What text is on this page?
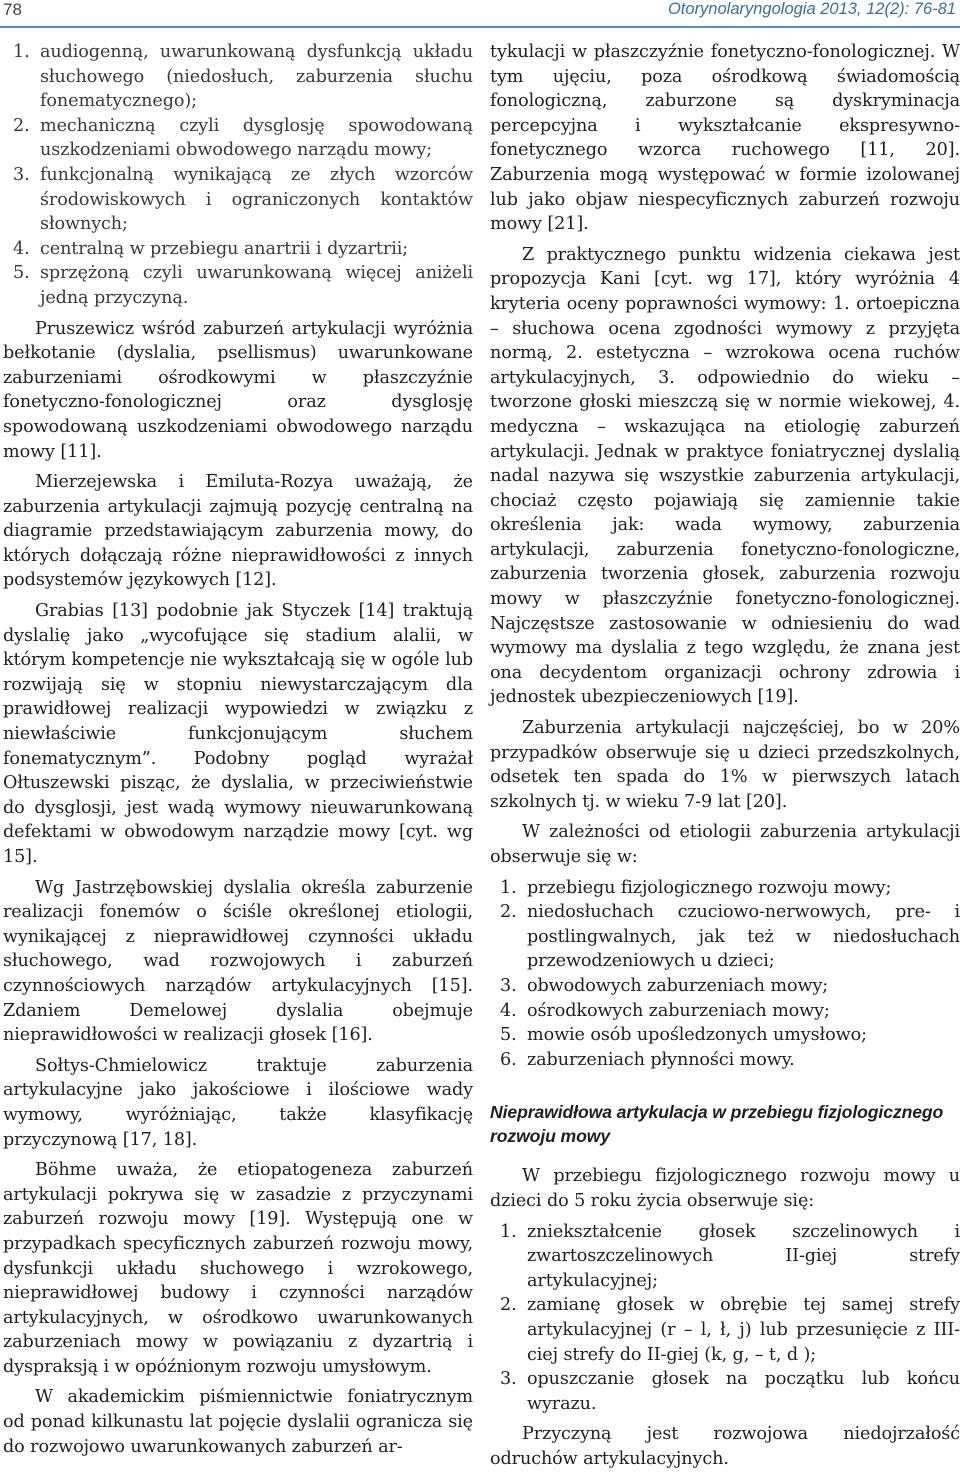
78	Otorynolaryngologia 2013, 12(2): 76-81
1. audiogenną, uwarunkowaną dysfunkcją układu słuchowego (niedosłuch, zaburzenia słuchu fonematycznego);
2. mechaniczną czyli dysglosję spowodowaną uszkodzeniami obwodowego narządu mowy;
3. funkcjonalną wynikającą ze złych wzorców środowiskowych i ograniczonych kontaktów słownych;
4. centralną w przebiegu anartrii i dyzartrii;
5. sprzężoną czyli uwarunkowaną więcej aniżeli jedną przyczyną.

Pruszewicz wśród zaburzeń artykulacji wyróżnia bełkotanie (dyslalia, psellismus) uwarunkowane zaburzeniami ośrodkowymi w płaszczyźnie fonetyczno-fonologicznej oraz dysglosję spowodowaną uszkodzeniami obwodowego narządu mowy [11].

Mierzejewska i Emiluta-Rozya uważają, że zaburzenia artykulacji zajmują pozycję centralną na diagramie przedstawiającym zaburzenia mowy, do których dołączają różne nieprawidłowości z innych podsystemów językowych [12].

Grabias [13] podobnie jak Styczek [14] traktują dyslalię jako „wycofujące się stadium alalii, w którym kompetencje nie wykształcają się w ogóle lub rozwijają się w stopniu niewystarczającym dla prawidłowej realizacji wypowiedzi w związku z niewłaściwie funkcjonującym słuchem fonematycznym”. Podobny pogląd wyrażał Ołtuszewski pisząc, że dyslalia, w przeciwieństwie do dysglosji, jest wadą wymowy nieuwarunkowaną defektami w obwodowym narządzie mowy [cyt. wg 15].

Wg Jastrzębowskiej dyslalia określa zaburzenie realizacji fonemów o ściśle określonej etiologii, wynikającej z nieprawidłowej czynności układu słuchowego, wad rozwojowych i zaburzeń czynnościowych narządów artykulacyjnych [15]. Zdaniem Demelowej dyslalia obejmuje nieprawidłowości w realizacji głosek [16].

Sołtys-Chmielowicz traktuje zaburzenia artykulacyjne jako jakościowe i ilościowe wady wymowy, wyróżniając, także klasyfikację przyczynową [17, 18].

Böhme uważa, że etiopatogeneza zaburzeń artykulacji pokrywa się w zasadzie z przyczynami zaburzeń rozwoju mowy [19]. Występują one w przypadkach specyficznych zaburzeń rozwoju mowy, dysfunkcji układu słuchowego i wzrokowego, nieprawidłowej budowy i czynności narządów artykulacyjnych, w ośrodkowo uwarunkowanych zaburzeniach mowy w powiązaniu z dyzartrią i dyspraksją i w opóźnionym rozwoju umysłowym.

W akademickim piśmiennictwie foniatrycznym od ponad kilkunastu lat pojęcie dyslalii ogranicza się do rozwojowo uwarunkowanych zaburzeń ar-

tykulacji w płaszczyźnie fonetyczno-fonologicznej. W tym ujęciu, poza ośrodkową świadomością fonologiczną, zaburzone są dyskryminacja percepcyjna i wykształcanie ekspresywno-fonetycznego wzorca ruchowego [11, 20]. Zaburzenia mogą występować w formie izolowanej lub jako objaw niespecyficznych zaburzeń rozwoju mowy [21].

Z praktycznego punktu widzenia ciekawa jest propozycja Kani [cyt. wg 17], który wyróżnia 4 kryteria oceny poprawności wymowy: 1. ortoepiczna – słuchowa ocena zgodności wymowy z przyjęta normą, 2. estetyczna – wzrokowa ocena ruchów artykulacyjnych, 3. odpowiednio do wieku – tworzone głoski mieszczą się w normie wiekowej, 4. medyczna – wskazująca na etiologię zaburzeń artykulacji. Jednak w praktyce foniatrycznej dyslalią nadal nazywa się wszystkie zaburzenia artykulacji, chociaż często pojawiają się zamiennie takie określenia jak: wada wymowy, zaburzenia artykulacji, zaburzenia fonetyczno-fonologiczne, zaburzenia tworzenia głosek, zaburzenia rozwoju mowy w płaszczyźnie fonetyczno-fonologicznej. Najczęstsze zastosowanie w odniesieniu do wad wymowy ma dyslalia z tego względu, że znana jest ona decydentom organizacji ochrony zdrowia i jednostek ubezpieczeniowych [19].

Zaburzenia artykulacji najczęściej, bo w 20% przypadków obserwuje się u dzieci przedszkolnych, odsetek ten spada do 1% w pierwszych latach szkolnych tj. w wieku 7-9 lat [20].

W zależności od etiologii zaburzenia artykulacji obserwuje się w:

1. przebiegu fizjologicznego rozwoju mowy;
2. niedosłuchach czuciowo-nerwowych, pre- i postlingwalnych, jak też w niedosłuchach przewodzeniowych u dzieci;
3. obwodowych zaburzeniach mowy;
4. ośrodkowych zaburzeniach mowy;
5. mowie osób upośledzonych umysłowo;
6. zaburzeniach płynności mowy.
Nieprawidłowa artykulacja w przebiegu fizjologicznego rozwoju mowy

W przebiegu fizjologicznego rozwoju mowy u dzieci do 5 roku życia obserwuje się:

1. zniekształcenie głosek szczelinowych i zwartoszczelinowych II-giej strefy artykulacyjnej;
2. zamianę głosek w obrębie tej samej strefy artykulacyjnej (r – l, ł, j) lub przesunięcie z III-ciej strefy do II-giej (k, g, – t, d );
3. opuszczanie głosek na początku lub końcu wyrazu.

Przyczyną jest rozwojowa niedojrzałość odruchów artykulacyjnych.
